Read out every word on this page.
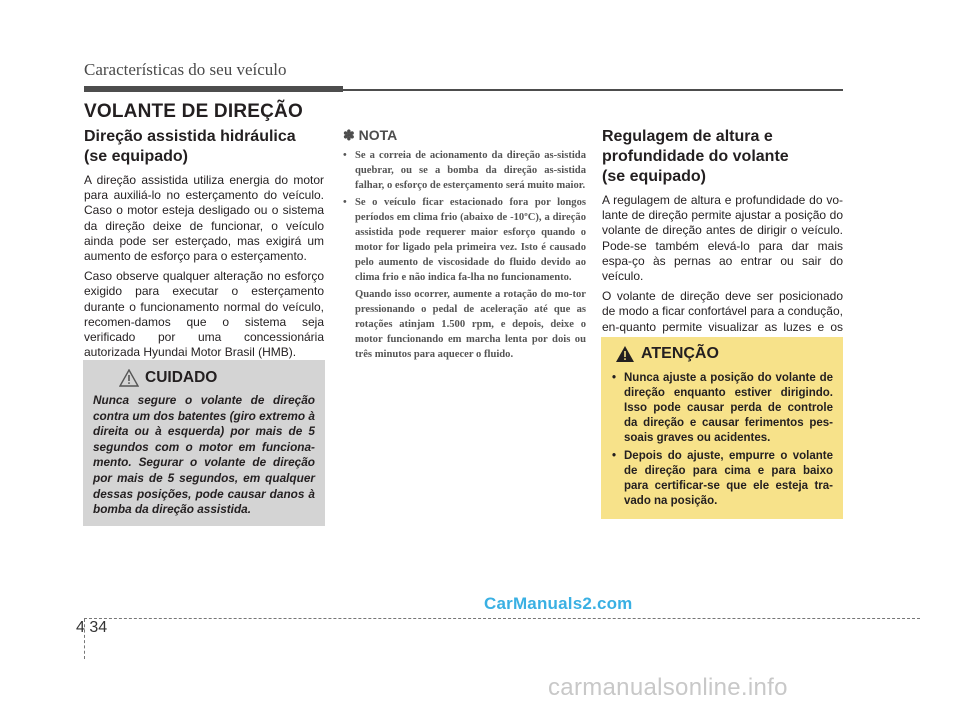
Características do seu veículo
VOLANTE DE DIREÇÃO
Direção assistida hidráulica
(se equipado)

A direção assistida utiliza energia do motor para auxiliá-lo no esterçamento do veículo. Caso o motor esteja desligado ou o sistema da direção deixe de funcionar, o veículo ainda pode ser esterçado, mas exigirá um aumento de esforço para o esterçamento.

Caso observe qualquer alteração no esforço exigido para executar o esterçamento durante o funcionamento normal do veículo, recomen-damos que o sistema seja verificado por uma concessionária autorizada Hyundai Motor Brasil (HMB).

CUIDADO

Nunca segure o volante de direção contra um dos batentes (giro extremo à direita ou à esquerda) por mais de 5 segundos com o motor em funciona-mento. Segurar o volante de direção por mais de 5 segundos, em qualquer dessas posições, pode causar danos à bomba da direção assistida.

✽ NOTA
• Se a correia de acionamento da direção as-sistida quebrar, ou se a bomba da direção as-sistida falhar, o esforço de esterçamento será muito maior.
• Se o veículo ficar estacionado fora por longos períodos em clima frio (abaixo de -10ºC), a direção assistida pode requerer maior esforço quando o motor for ligado pela primeira vez. Isto é causado pelo aumento de viscosidade do fluido devido ao clima frio e não indica fa-lha no funcionamento.

Quando isso ocorrer, aumente a rotação do mo-tor pressionando o pedal de aceleração até que as rotações atinjam 1.500 rpm, e depois, deixe o motor funcionando em marcha lenta por dois ou três minutos para aquecer o fluido.

Regulagem de altura e
profundidade do volante
(se equipado)

A regulagem de altura e profundidade do vo-lante de direção permite ajustar a posição do volante de direção antes de dirigir o veículo. Pode-se também elevá-lo para dar mais espa-ço às pernas ao entrar ou sair do veículo.

O volante de direção deve ser posicionado de modo a ficar confortável para a condução, en-quanto permite visualizar as luzes e os

ATENÇÃO
• Nunca ajuste a posição do volante de direção enquanto estiver dirigindo. Isso pode causar perda de controle da direção e causar ferimentos pes-soais graves ou acidentes.
• Depois do ajuste, empurre o volante de direção para cima e para baixo para certificar-se que ele esteja tra-vado na posição.
CarManuals2.com
4 34
carmanualsonline.info
